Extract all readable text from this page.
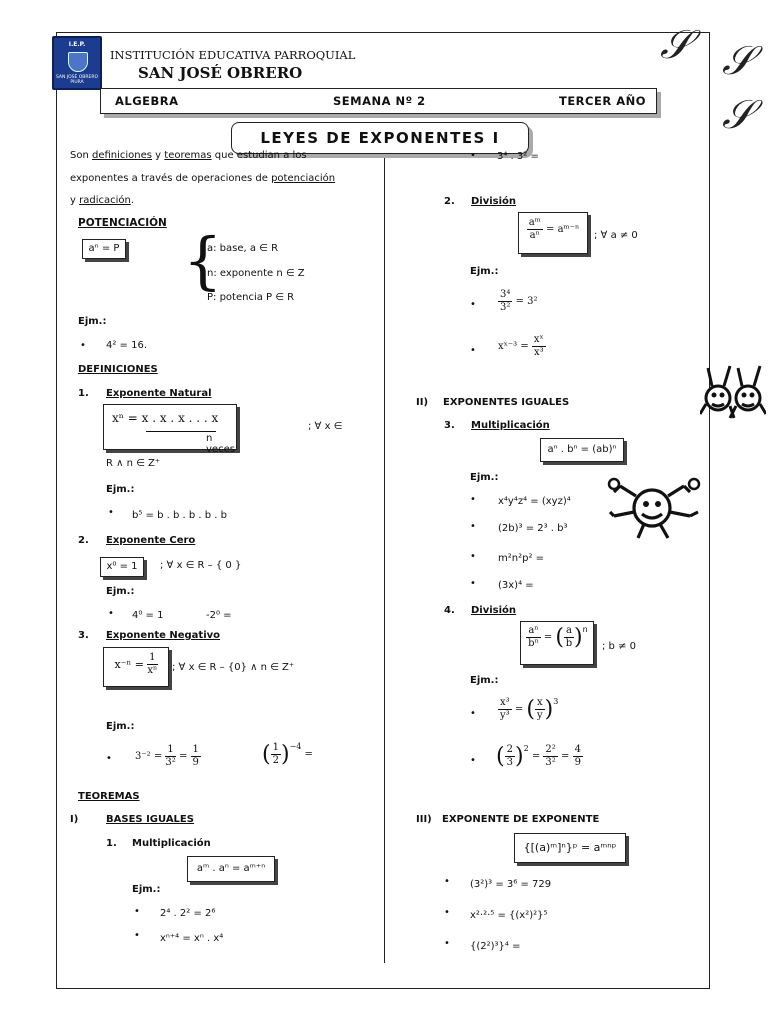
I.E.P.
SAN JOSÉ OBRERO PIURA
INSTITUCIÓN EDUCATIVA PARROQUIAL
SAN JOSÉ OBRERO
ALGEBRA	SEMANA Nº 2	TERCER AÑO
𝒮 𝒮
𝒮
LEYES DE EXPONENTES I
Son definiciones y teoremas que estudian a los
exponentes a través de operaciones de potenciación
y radicación.
POTENCIACIÓN
aⁿ = P {
a: base, a ∈ R
n: exponente n ∈ Z
P: potencia P ∈ R
Ejm.:
• 4² = 16.
DEFINICIONES
1. Exponente Natural
xⁿ = x . x . x . . . x
n veces
; ∀ x ∈
R ∧ n ∈ Z⁺
Ejm.:
• b⁵ = b . b . b . b . b
2. Exponente Cero
x⁰ = 1	; ∀ x ∈ R – { 0 }
Ejm.:
• 4⁰ = 1	-2⁰ =
3. Exponente Negativo
$x^{-n} = \frac{1}{\text{xⁿ}}$ ; ∀ x ∈ R – {0} ∧ n ∈ Z⁺
Ejm.:
• $3^{-2} = \frac{1}{\text{3²}} = \frac{1}{9}$	( $\frac{1}{2} )^{-4}$ =
TEOREMAS
I)	BASES IGUALES
1. Multiplicación
aᵐ . aⁿ = aᵐ⁺ⁿ
Ejm.:
• 2⁴ . 2² = 2⁶
• xⁿ⁺⁴ = xⁿ . x⁴
• 3⁴ . 3² =
2. División
$\frac{\text{aᵐ}}{\text{aⁿ}}$ = aᵐ⁻ⁿ
; ∀ a ≠ 0
Ejm.:
• $\frac{\text{3⁴}}{\text{3²}} = 3^2$
• xˣ⁻³ = $\frac{\text{xˣ}}{\text{x³}}$
II) EXPONENTES IGUALES
3. Multiplicación
aⁿ . bⁿ = (ab)ⁿ
Ejm.:
• x⁴y⁴z⁴ = (xyz)⁴
• (2b)³ = 2³ . b³
• m²n²p² =
• (3x)⁴ =
4. División
$\frac{\text{aⁿ}}{\text{bⁿ}}$ = ( $\frac{a}{b} )^n$
; b ≠ 0
Ejm.:
• $\frac{\text{x³}}{\text{y³}}$ = ( $\frac{x}{y} )^3$
• ( $\frac{2}{3} )^2 = \frac{\text{2²}}{\text{3²}} = \frac{4}{9}$
III) EXPONENTE DE EXPONENTE
{[(a)ᵐ]ⁿ}ᵖ = aᵐⁿᵖ
• (3²)³ = 3⁶ = 729
• x²·²·⁵ = {(x²)²}⁵
• {(2²)³}⁴ =
